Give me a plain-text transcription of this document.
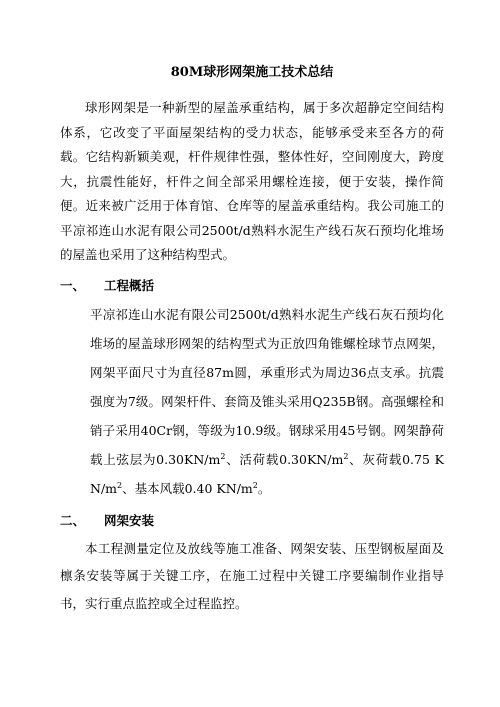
80M球形网架施工技术总结

球形网架是一种新型的屋盖承重结构，属于多次超静定空间结构体系，它改变了平面屋架结构的受力状态，能够承受来至各方的荷载。它结构新颖美观，杆件规律性强，整体性好，空间刚度大，跨度大，抗震性能好，杆件之间全部采用螺栓连接，便于安装，操作简便。近来被广泛用于体育馆、仓库等的屋盖承重结构。我公司施工的平凉祁连山水泥有限公司2500t/d熟料水泥生产线石灰石预均化堆场的屋盖也采用了这种结构型式。

一、 工程概括

平凉祁连山水泥有限公司2500t/d熟料水泥生产线石灰石预均化堆场的屋盖球形网架的结构型式为正放四角锥螺栓球节点网架，网架平面尺寸为直径87m圆，承重形式为周边36点支承。抗震强度为7级。网架杆件、套筒及锥头采用Q235B钢。高强螺栓和销子采用40Cr钢，等级为10.9级。钢球采用45号钢。网架静荷载上弦层为$0.30KN/m^2$、活荷载$0.30KN/m^2$、灰荷载0.75 $KN/m^2$、基本风载0.40 $KN/m^2$。

二、 网架安装

本工程测量定位及放线等施工准备、网架安装、压型钢板屋面及檩条安装等属于关键工序，在施工过程中关键工序要编制作业指导书，实行重点监控或全过程监控。
